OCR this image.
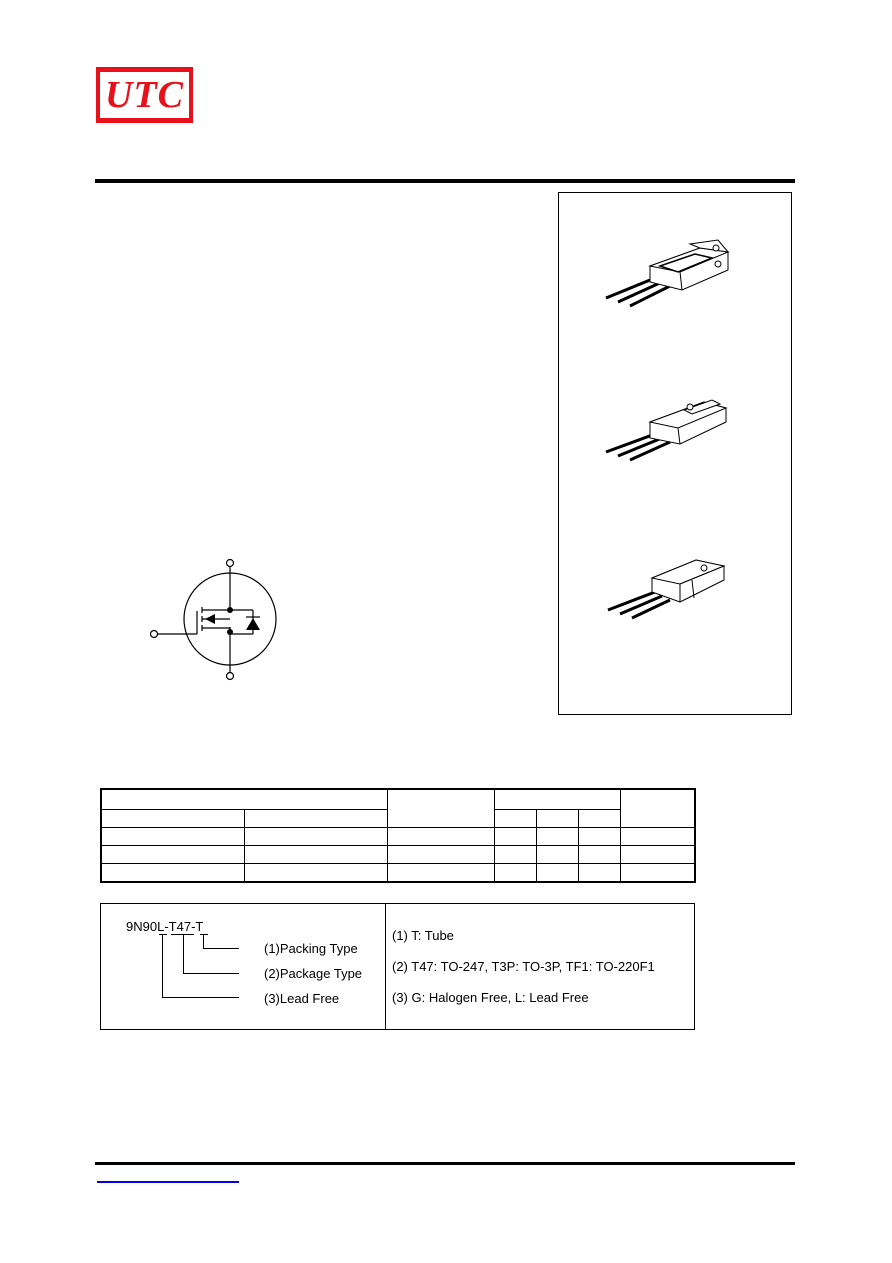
UTC

9N90L-T47-T
(1)Packing Type
(2)Package Type
(3)Lead Free
(1) T: Tube
(2) T47: TO-247, T3P: TO-3P, TF1: TO-220F1
(3) G: Halogen Free, L: Lead Free
